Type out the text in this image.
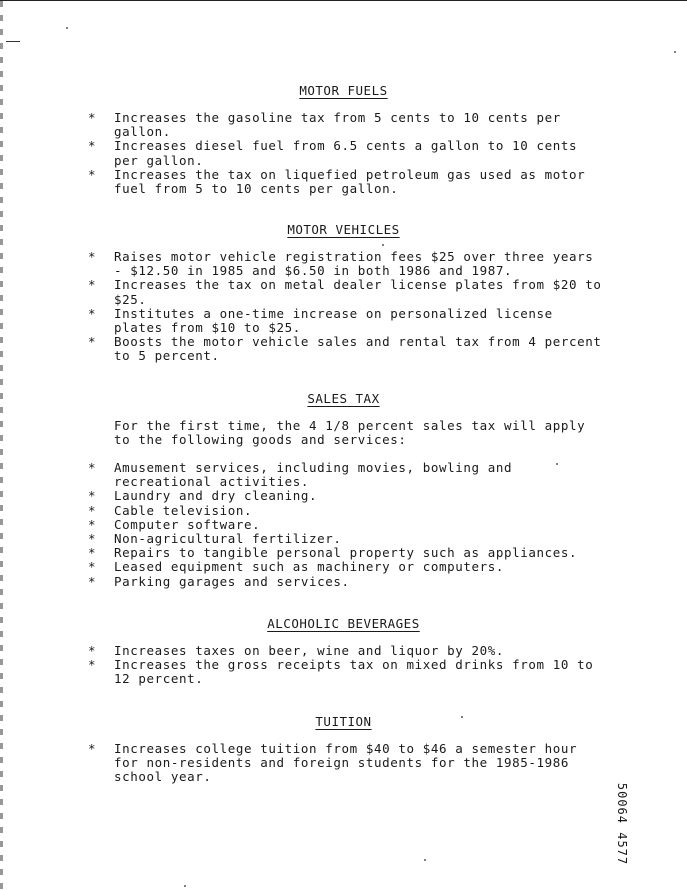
MOTOR FUELS
* Increases the gasoline tax from 5 cents to 10 cents per
gallon.
* Increases diesel fuel from 6.5 cents a gallon to 10 cents
per gallon.
* Increases the tax on liquefied petroleum gas used as motor
fuel from 5 to 10 cents per gallon.
MOTOR VEHICLES
* Raises motor vehicle registration fees $25 over three years
- $12.50 in 1985 and $6.50 in both 1986 and 1987.
* Increases the tax on metal dealer license plates from $20 to
$25.
* Institutes a one-time increase on personalized license
plates from $10 to $25.
* Boosts the motor vehicle sales and rental tax from 4 percent
to 5 percent.
SALES TAX
For the first time, the 4 1/8 percent sales tax will apply
to the following goods and services:
* Amusement services, including movies, bowling and
recreational activities.
* Laundry and dry cleaning.
* Cable television.
* Computer software.
* Non-agricultural fertilizer.
* Repairs to tangible personal property such as appliances.
* Leased equipment such as machinery or computers.
* Parking garages and services.
ALCOHOLIC BEVERAGES
* Increases taxes on beer, wine and liquor by 20%.
* Increases the gross receipts tax on mixed drinks from 10 to
12 percent.
TUITION
* Increases college tuition from $40 to $46 a semester hour
for non-residents and foreign students for the 1985-1986
school year.
50064 4577
